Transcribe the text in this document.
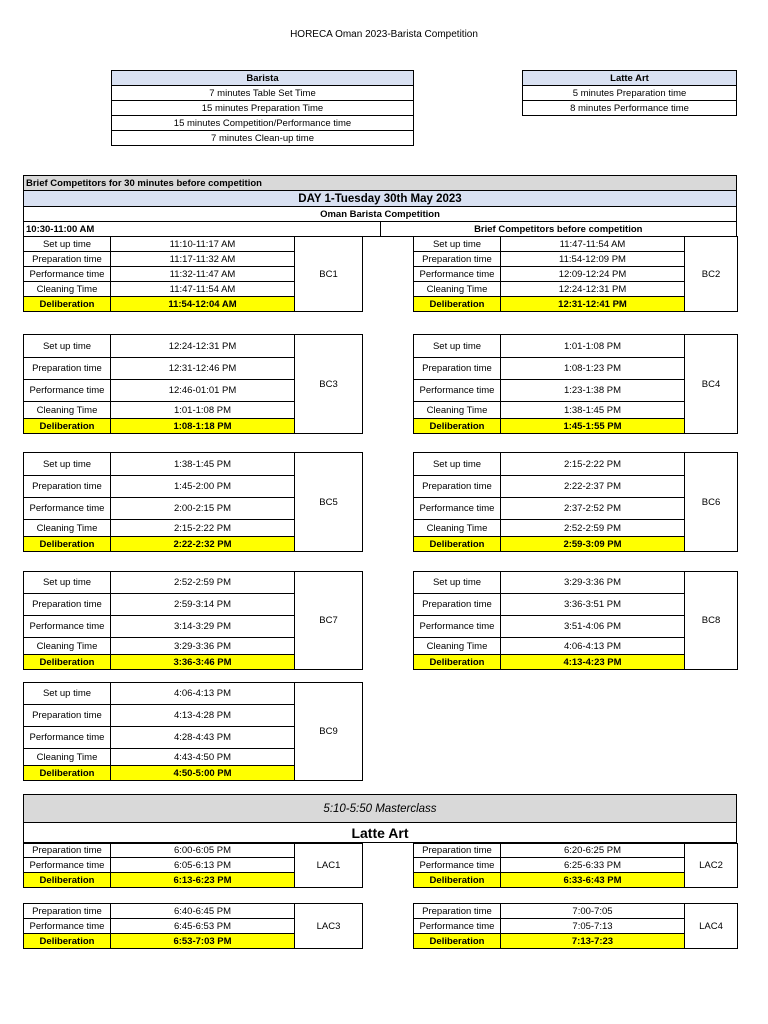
HORECA Oman 2023-Barista Competition
Barista
7 minutes Table Set Time
15 minutes Preparation Time
15 minutes Competition/Performance time
7 minutes Clean-up time
Latte Art
5 minutes Preparation time
8 minutes Performance time
Brief Competitors for 30 minutes before competition
DAY 1-Tuesday 30th May 2023
Oman Barista Competition
10:30-11:00 AM	Brief Competitors before competition
Set up time	11:10-11:17 AM	BC1
Preparation time	11:17-11:32 AM	
Performance time	11:32-11:47 AM	
Cleaning Time	11:47-11:54 AM	
Deliberation	11:54-12:04 AM	
Set up time	11:47-11:54 AM	BC2
Preparation time	11:54-12:09 PM	
Performance time	12:09-12:24 PM	
Cleaning Time	12:24-12:31 PM	
Deliberation	12:31-12:41 PM	
Set up time	12:24-12:31 PM	BC3
Preparation time	12:31-12:46 PM	
Performance time	12:46-01:01 PM	
Cleaning Time	1:01-1:08 PM	
Deliberation	1:08-1:18 PM	
Set up time	1:01-1:08 PM	BC4
Preparation time	1:08-1:23 PM	
Performance time	1:23-1:38 PM	
Cleaning Time	1:38-1:45 PM	
Deliberation	1:45-1:55 PM	
Set up time	1:38-1:45 PM	BC5
Preparation time	1:45-2:00 PM	
Performance time	2:00-2:15 PM	
Cleaning Time	2:15-2:22 PM	
Deliberation	2:22-2:32 PM	
Set up time	2:15-2:22 PM	BC6
Preparation time	2:22-2:37 PM	
Performance time	2:37-2:52 PM	
Cleaning Time	2:52-2:59 PM	
Deliberation	2:59-3:09 PM	
Set up time	2:52-2:59 PM	BC7
Preparation time	2:59-3:14 PM	
Performance time	3:14-3:29 PM	
Cleaning Time	3:29-3:36 PM	
Deliberation	3:36-3:46 PM	
Set up time	3:29-3:36 PM	BC8
Preparation time	3:36-3:51 PM	
Performance time	3:51-4:06 PM	
Cleaning Time	4:06-4:13 PM	
Deliberation	4:13-4:23 PM	
Set up time	4:06-4:13 PM	BC9
Preparation time	4:13-4:28 PM	
Performance time	4:28-4:43 PM	
Cleaning Time	4:43-4:50 PM	
Deliberation	4:50-5:00 PM	
Preparation time	6:00-6:05 PM	LAC1
Performance time	6:05-6:13 PM	
Deliberation	6:13-6:23 PM	
Preparation time	6:20-6:25 PM	LAC2
Performance time	6:25-6:33 PM	
Deliberation	6:33-6:43 PM	
Preparation time	6:40-6:45 PM	LAC3
Performance time	6:45-6:53 PM	
Deliberation	6:53-7:03 PM	
Preparation time	7:00-7:05	LAC4
Performance time	7:05-7:13	
Deliberation	7:13-7:23	
5:10-5:50 Masterclass
Latte Art
